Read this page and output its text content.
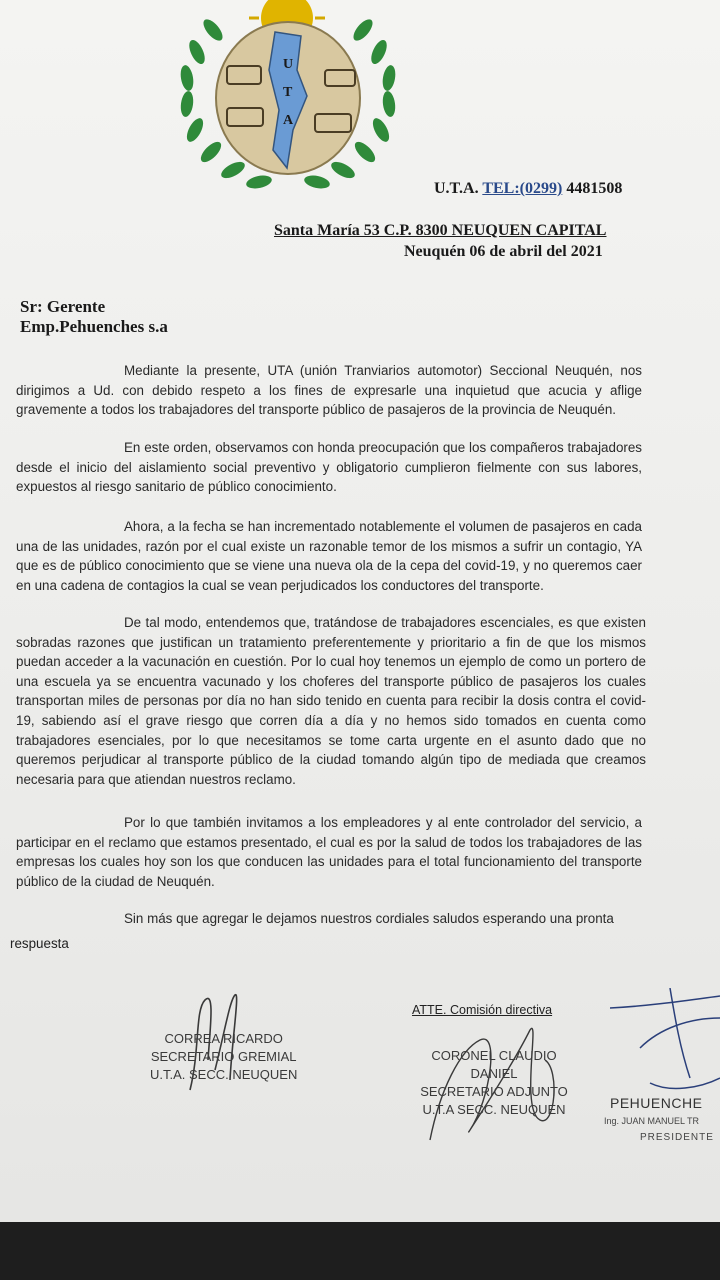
U
T
A
U.T.A. TEL:(0299) 4481508
Santa María 53 C.P. 8300 NEUQUEN CAPITAL
Neuquén 06 de abril del 2021
Sr: Gerente
Emp.Pehuenches s.a

Mediante la presente, UTA (unión Tranviarios automotor) Seccional Neuquén, nos dirigimos a Ud. con debido respeto a los fines de expresarle una inquietud que acucia y aflige gravemente a todos los trabajadores del transporte público de pasajeros de la provincia de Neuquén.

En este orden, observamos con honda preocupación que los compañeros trabajadores desde el inicio del aislamiento social preventivo y obligatorio cumplieron fielmente con sus labores, expuestos al riesgo sanitario de público conocimiento.

Ahora, a la fecha se han incrementado notablemente el volumen de pasajeros en cada una de las unidades, razón por el cual existe un razonable temor de los mismos a sufrir un contagio, YA que es de público conocimiento que se viene una nueva ola de la cepa del covid-19, y no queremos caer en una cadena de contagios la cual se vean perjudicados los conductores del transporte.

De tal modo, entendemos que, tratándose de trabajadores escenciales, es que existen sobradas razones que justifican un tratamiento preferentemente y prioritario a fin de que los mismos puedan acceder a la vacunación en cuestión. Por lo cual hoy tenemos un ejemplo de como un portero de una escuela ya se encuentra vacunado y los choferes del transporte público de pasajeros los cuales transportan miles de personas por día no han sido tenido en cuenta para recibir la dosis contra el covid-19, sabiendo así el grave riesgo que corren día a día y no hemos sido tomados en cuenta como trabajadores esenciales, por lo que necesitamos se tome carta urgente en el asunto dado que no queremos perjudicar al transporte público de la ciudad tomando algún tipo de mediada que creamos necesaria para que atiendan nuestros reclamo.

Por lo que también invitamos a los empleadores y al ente controlador del servicio, a participar en el reclamo que estamos presentado, el cual es por la salud de todos los trabajadores de las empresas los cuales hoy son los que conducen las unidades para el total funcionamiento del transporte público de la ciudad de Neuquén.

Sin más que agregar le dejamos nuestros cordiales saludos esperando una pronta

respuesta
ATTE. Comisión directiva
CORREA RICARDO
SECRETARIO GREMIAL
U.T.A. SECC. NEUQUEN
CORONEL CLAUDIO DANIEL
SECRETARIO ADJUNTO
U.T.A SECC. NEUQUEN	PEHUENCHE
Ing. JUAN MANUEL TR
PRESIDENTE
